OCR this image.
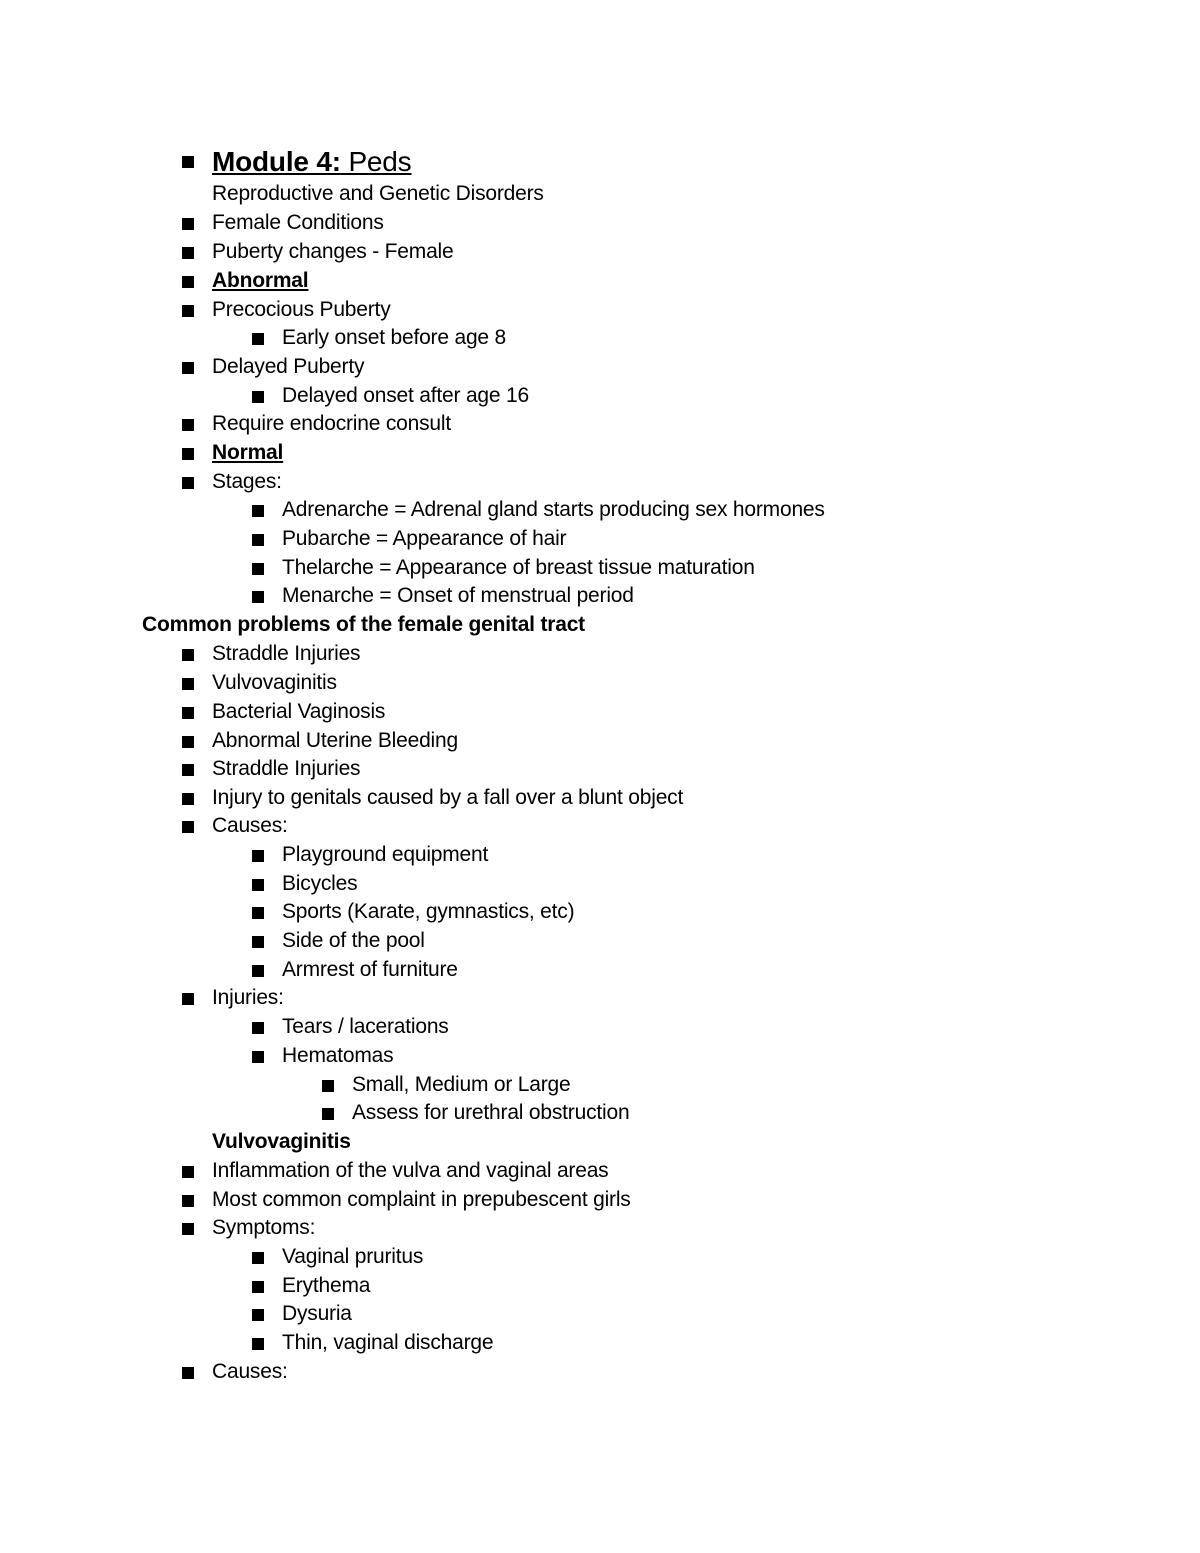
Module 4: Peds
Reproductive and Genetic Disorders
Female Conditions
Puberty changes - Female
Abnormal
Precocious Puberty
Early onset before age 8
Delayed Puberty
Delayed onset after age 16
Require endocrine consult
Normal
Stages:
Adrenarche = Adrenal gland starts producing sex hormones
Pubarche = Appearance of hair
Thelarche = Appearance of breast tissue maturation
Menarche = Onset of menstrual period
Common problems of the female genital tract
Straddle Injuries
Vulvovaginitis
Bacterial Vaginosis
Abnormal Uterine Bleeding
Straddle Injuries
Injury to genitals caused by a fall over a blunt object
Causes:
Playground equipment
Bicycles
Sports (Karate, gymnastics, etc)
Side of the pool
Armrest of furniture
Injuries:
Tears / lacerations
Hematomas
Small, Medium or Large
Assess for urethral obstruction
Vulvovaginitis
Inflammation of the vulva and vaginal areas
Most common complaint in prepubescent girls
Symptoms:
Vaginal pruritus
Erythema
Dysuria
Thin, vaginal discharge
Causes:
